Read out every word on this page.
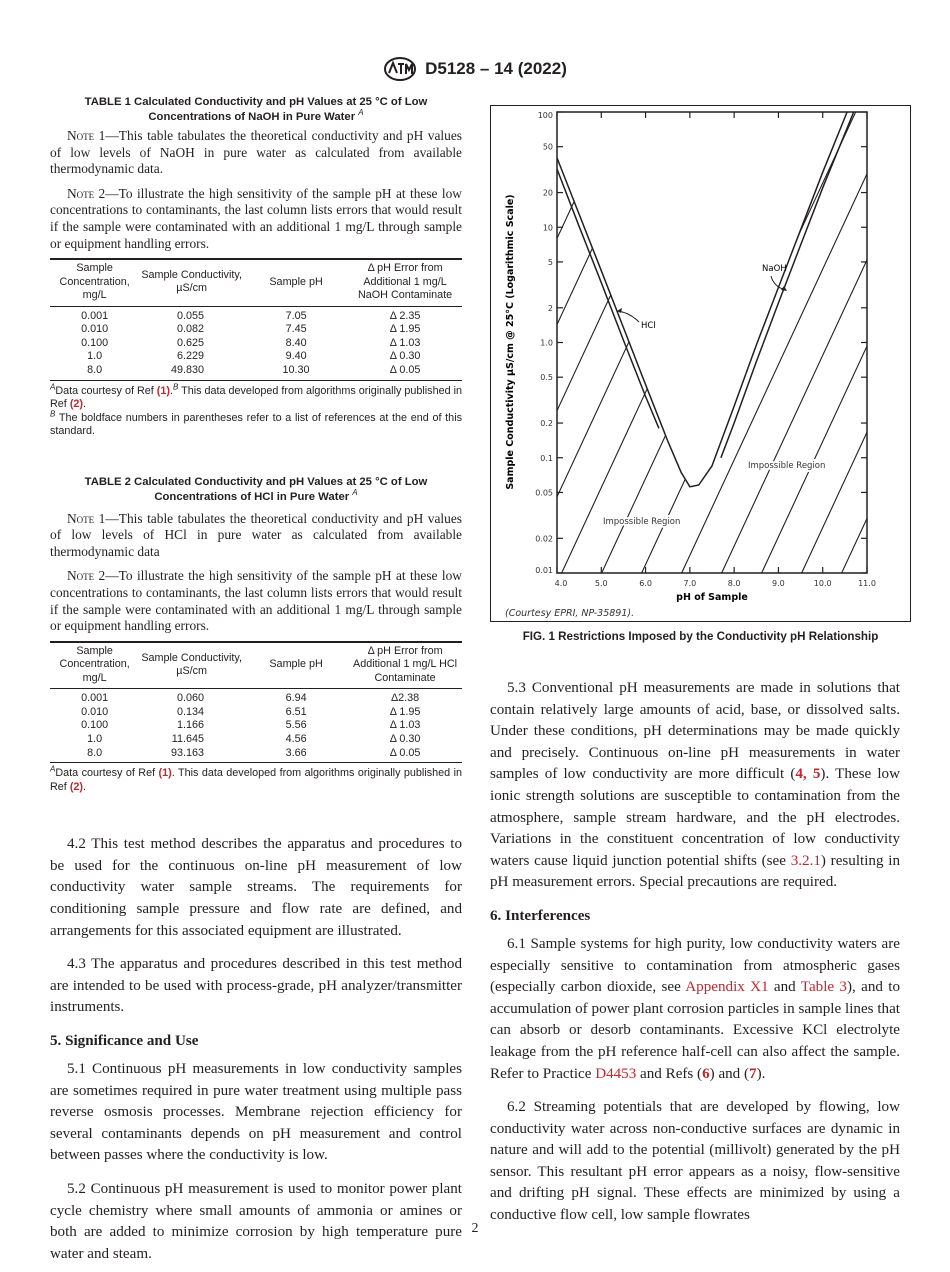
D5128 – 14 (2022)
TABLE 1 Calculated Conductivity and pH Values at 25 °C of Low Concentrations of NaOH in Pure Water $^A$
Note 1—This table tabulates the theoretical conductivity and pH values of low levels of NaOH in pure water as calculated from available thermodynamic data.
Note 2—To illustrate the high sensitivity of the sample pH at these low concentrations to contaminants, the last column lists errors that would result if the sample were contaminated with an additional 1 mg/L through sample or equipment handling errors.
Sample Concentration, mg/L	Sample Conductivity, µS/cm	Sample pH	Δ pH Error from Additional 1 mg/L NaOH Contaminate
0.001	0.055	7.05	Δ 2.35
0.010	0.082	7.45	Δ 1.95
0.100	0.625	8.40	Δ 1.03
1.0	6.229	9.40	Δ 0.30
8.0	49.830	10.30	Δ 0.05
$^A$Data courtesy of Ref (1).$^B$ This data developed from algorithms originally published in Ref (2).
$^B$ The boldface numbers in parentheses refer to a list of references at the end of this standard.
TABLE 2 Calculated Conductivity and pH Values at 25 °C of Low Concentrations of HCl in Pure Water $^A$
Note 1—This table tabulates the theoretical conductivity and pH values of low levels of HCl in pure water as calculated from available thermodynamic data
Note 2—To illustrate the high sensitivity of the sample pH at these low concentrations to contaminants, the last column lists errors that would result if the sample were contaminated with an additional 1 mg/L through sample or equipment handling errors.
Sample Concentration, mg/L	Sample Conductivity, µS/cm	Sample pH	Δ pH Error from Additional 1 mg/L HCl Contaminate
0.001	0.060	6.94	Δ2.38
0.010	0.134	6.51	Δ 1.95
0.100	1.166	5.56	Δ 1.03
1.0	11.645	4.56	Δ 0.30
8.0	93.163	3.66	Δ 0.05
$^A$Data courtesy of Ref (1). This data developed from algorithms originally published in Ref (2).
4.2 This test method describes the apparatus and procedures to be used for the continuous on-line pH measurement of low conductivity water sample streams. The requirements for conditioning sample pressure and flow rate are defined, and arrangements for this associated equipment are illustrated.
4.3 The apparatus and procedures described in this test method are intended to be used with process-grade, pH analyzer/transmitter instruments.
5. Significance and Use
5.1 Continuous pH measurements in low conductivity samples are sometimes required in pure water treatment using multiple pass reverse osmosis processes. Membrane rejection efficiency for several contaminants depends on pH measurement and control between passes where the conductivity is low.
5.2 Continuous pH measurement is used to monitor power plant cycle chemistry where small amounts of ammonia or amines or both are added to minimize corrosion by high temperature pure water and steam.
4.0	5.0	6.0	7.0	8.0	9.0	10.0	11.0
100
50
20
10
5
2
1.0
0.5
0.2
0.1
0.05
0.02
0.01
pH of Sample
Sample Conductivity µS/cm @ 25°C (Logarithmic Scale)	HCl
NaOH
Impossible Region
Impossible Region
(Courtesy EPRI, NP-35891).
FIG. 1 Restrictions Imposed by the Conductivity pH Relationship
5.3 Conventional pH measurements are made in solutions that contain relatively large amounts of acid, base, or dissolved salts. Under these conditions, pH determinations may be made quickly and precisely. Continuous on-line pH measurements in water samples of low conductivity are more difficult (4, 5). These low ionic strength solutions are susceptible to contamination from the atmosphere, sample stream hardware, and the pH electrodes. Variations in the constituent concentration of low conductivity waters cause liquid junction potential shifts (see 3.2.1) resulting in pH measurement errors. Special precautions are required.
6. Interferences
6.1 Sample systems for high purity, low conductivity waters are especially sensitive to contamination from atmospheric gases (especially carbon dioxide, see Appendix X1 and Table 3), and to accumulation of power plant corrosion particles in sample lines that can absorb or desorb contaminants. Excessive KCl electrolyte leakage from the pH reference half-cell can also affect the sample. Refer to Practice D4453 and Refs (6) and (7).
6.2 Streaming potentials that are developed by flowing, low conductivity water across non-conductive surfaces are dynamic in nature and will add to the potential (millivolt) generated by the pH sensor. This resultant pH error appears as a noisy, flow-sensitive and drifting pH signal. These effects are minimized by using a conductive flow cell, low sample flowrates
2
